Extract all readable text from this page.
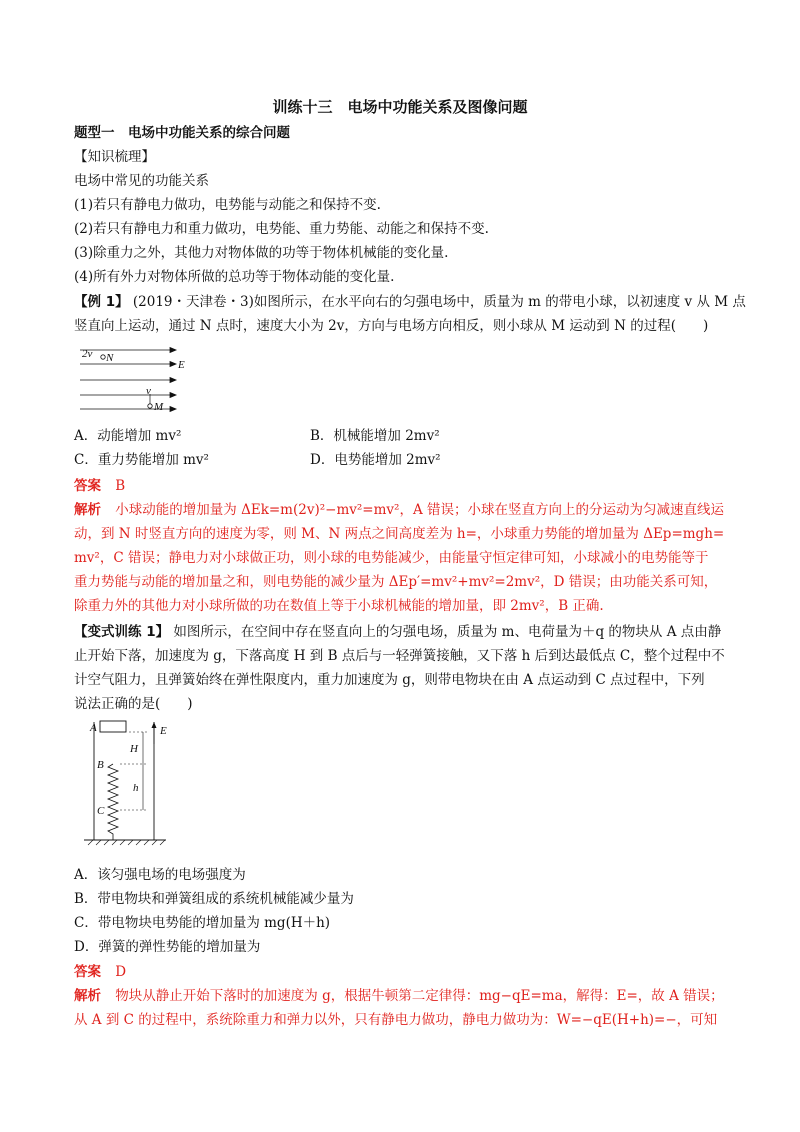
训练十三　电场中功能关系及图像问题
题型一　电场中功能关系的综合问题
【知识梳理】
电场中常见的功能关系
(1)若只有静电力做功，电势能与动能之和保持不变.
(2)若只有静电力和重力做功，电势能、重力势能、动能之和保持不变.
(3)除重力之外，其他力对物体做的功等于物体机械能的变化量.
(4)所有外力对物体所做的总功等于物体动能的变化量.
【例 1】 (2019・天津卷・3)如图所示，在水平向右的匀强电场中，质量为 m 的带电小球，以初速度 v 从 M 点
竖直向上运动，通过 N 点时，速度大小为 2v，方向与电场方向相反，则小球从 M 运动到 N 的过程(　　)
2v N
E
v
M
A．动能增加 mv²	B．机械能增加 2mv²
C．重力势能增加 mv²	D．电势能增加 2mv²
答案 B
解析 小球动能的增加量为 ΔEk=m(2v)²−mv²=mv²，A 错误；小球在竖直方向上的分运动为匀减速直线运
动，到 N 时竖直方向的速度为零，则 M、N 两点之间高度差为 h=，小球重力势能的增加量为 ΔEp=mgh=
mv²，C 错误；静电力对小球做正功，则小球的电势能减少，由能量守恒定律可知，小球减小的电势能等于
重力势能与动能的增加量之和，则电势能的减少量为 ΔEp′=mv²+mv²=2mv²，D 错误；由功能关系可知，
除重力外的其他力对小球所做的功在数值上等于小球机械能的增加量，即 2mv²，B 正确.
【变式训练 1】 如图所示，在空间中存在竖直向上的匀强电场，质量为 m、电荷量为＋q 的物块从 A 点由静
止开始下落，加速度为 g，下落高度 H 到 B 点后与一轻弹簧接触，又下落 h 后到达最低点 C，整个过程中不
计空气阻力，且弹簧始终在弹性限度内，重力加速度为 g，则带电物块在由 A 点运动到 C 点过程中，下列
说法正确的是(　　)
A	E
H
B
h
C
A．该匀强电场的电场强度为
B．带电物块和弹簧组成的系统机械能减少量为
C．带电物块电势能的增加量为 mg(H＋h)
D．弹簧的弹性势能的增加量为
答案 D
解析 物块从静止开始下落时的加速度为 g，根据牛顿第二定律得：mg−qE=ma，解得：E=，故 A 错误；
从 A 到 C 的过程中，系统除重力和弹力以外，只有静电力做功，静电力做功为：W=−qE(H+h)=−，可知
